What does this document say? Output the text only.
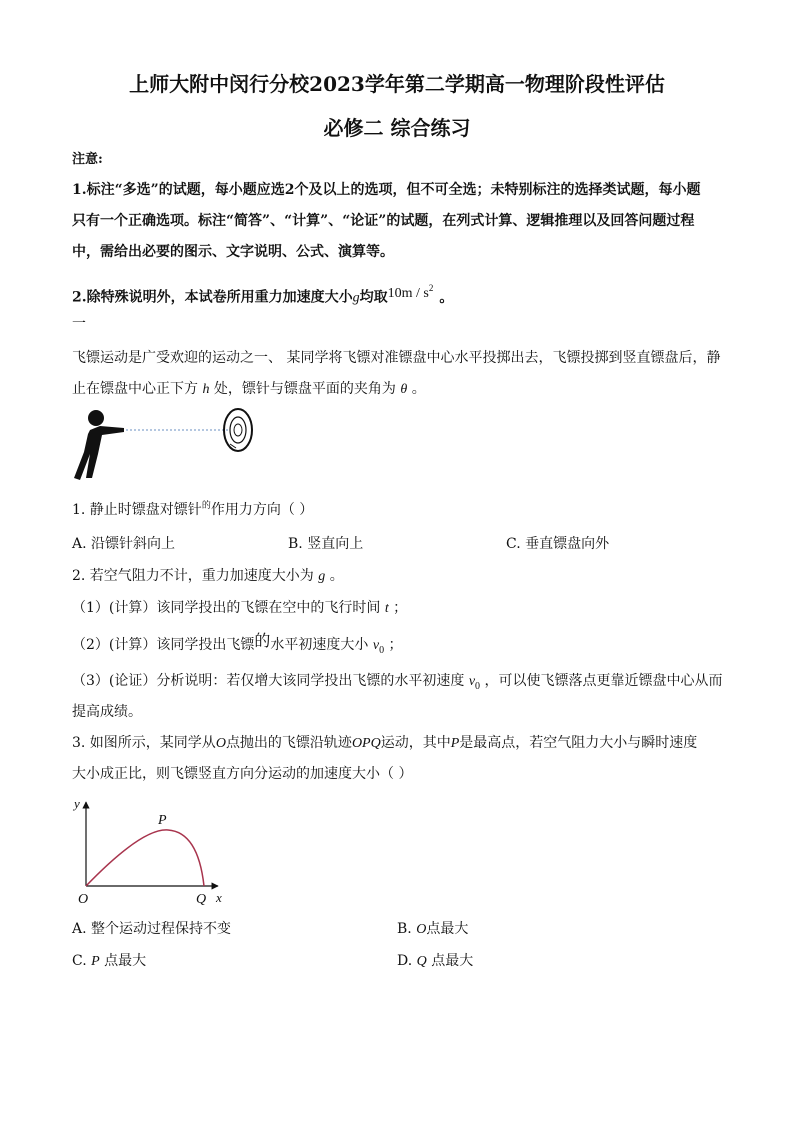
上师大附中闵行分校2023学年第二学期高一物理阶段性评估
必修二 综合练习
注意:
1.标注“多选”的试题，每小题应选2个及以上的选项，但不可全选；未特别标注的选择类试题，每小题
只有一个正确选项。标注“简答”、“计算”、“论证”的试题，在列式计算、逻辑推理以及回答问题过程
中，需给出必要的图示、文字说明、公式、演算等。
2.除特殊说明外，本试卷所用重力加速度大小g均取$10m / s^2$。
一
飞镖运动是广受欢迎的运动之一、 某同学将飞镖对准镖盘中心水平投掷出去，飞镖投掷到竖直镖盘后，静
止在镖盘中心正下方 h 处，镖针与镖盘平面的夹角为 θ 。
1. 静止时镖盘对镖针$^的$作用力方向（ ）
A. 沿镖针斜向上	B. 竖直向上	C. 垂直镖盘向外
2. 若空气阻力不计，重力加速度大小为 g 。
（1）(计算）该同学投出的飞镖在空中的飞行时间 t ；
（2）(计算）该同学投出飞镖的水平初速度大小 $v_0$ ；
（3）(论证）分析说明：若仅增大该同学投出飞镖的水平初速度 $v_0$ ，可以使飞镖落点更靠近镖盘中心从而
提高成绩。
3. 如图所示，某同学从O点抛出的飞镖沿轨迹OPQ运动，其中P是最高点，若空气阻力大小与瞬时速度
大小成正比，则飞镖竖直方向分运动的加速度大小（ ）
y
x
O
P
Q
A. 整个运动过程保持不变	B. O点最大
C. P 点最大	D. Q 点最大
